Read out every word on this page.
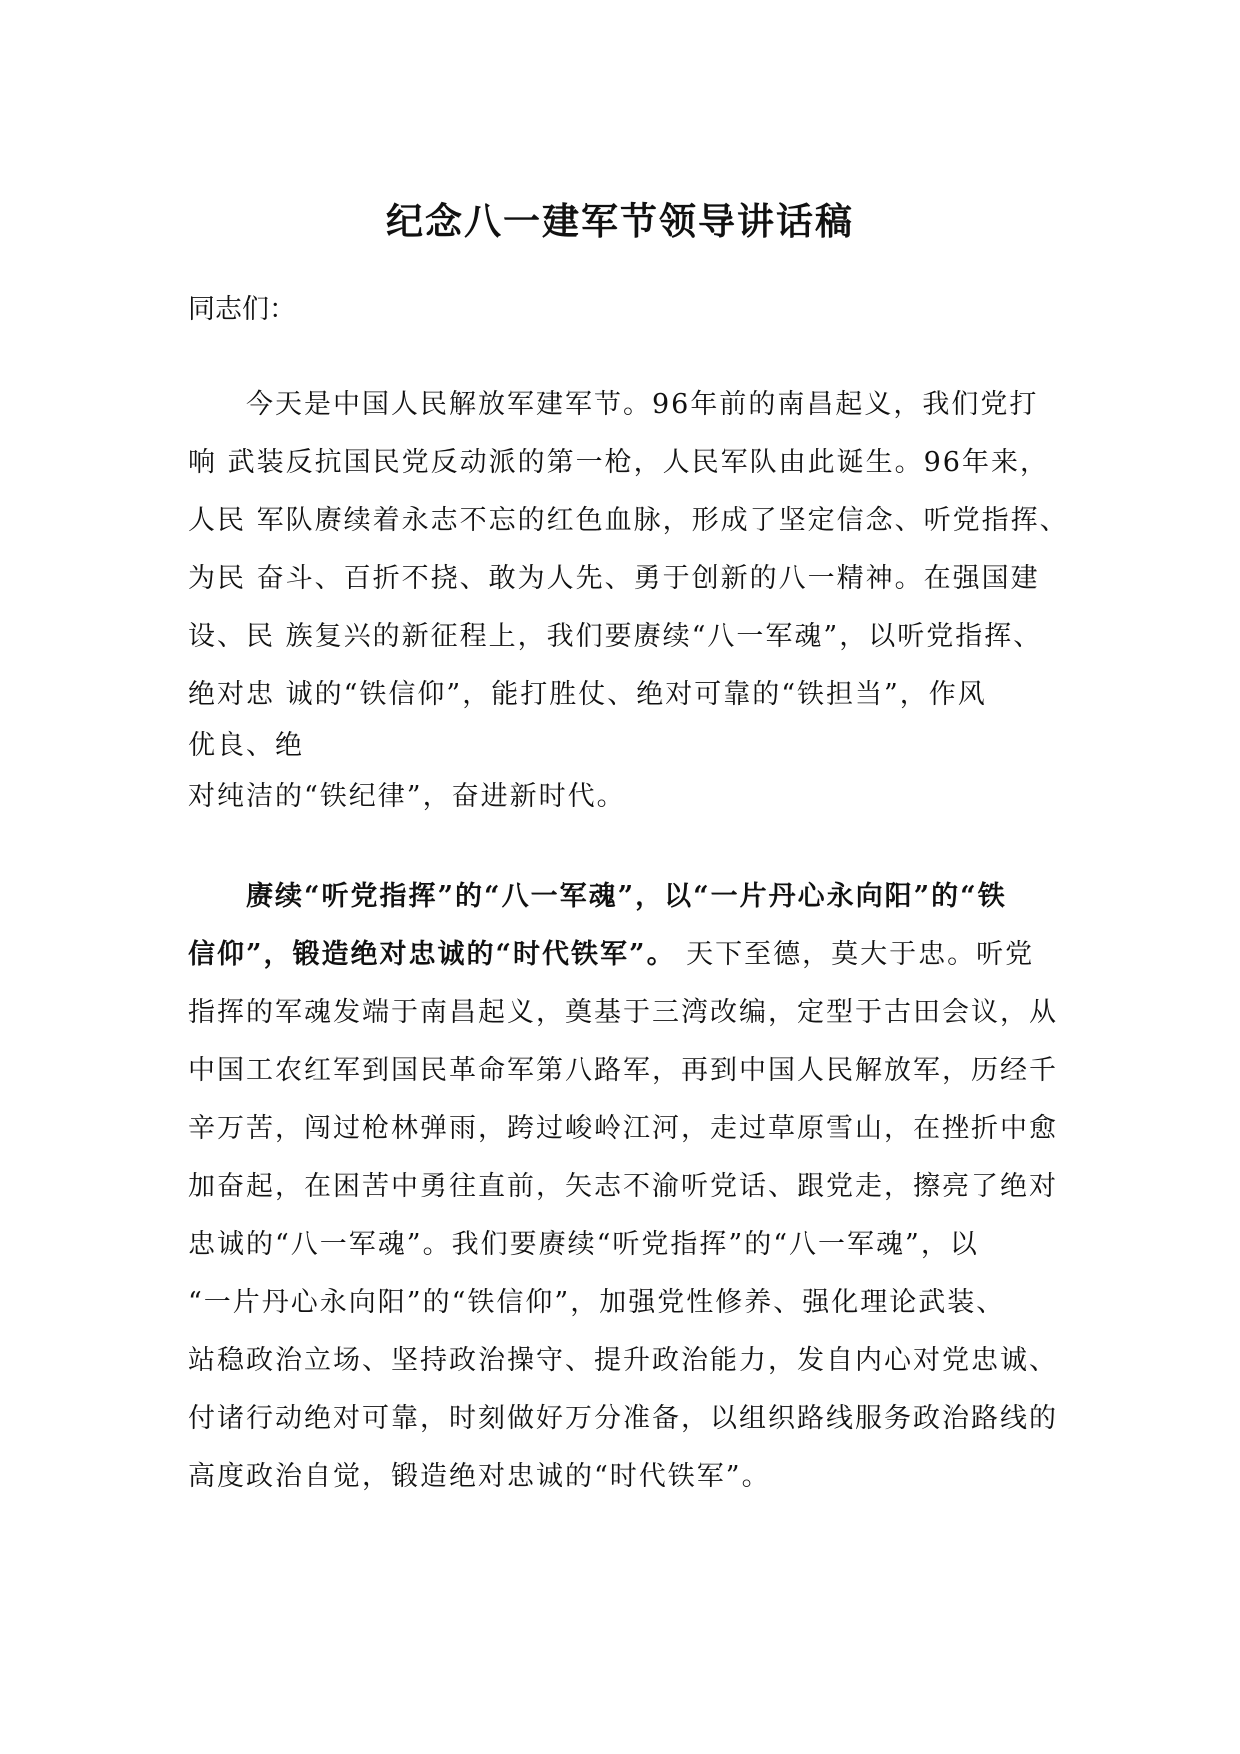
纪念八一建军节领导讲话稿

同志们：

　　今天是中国人民解放军建军节。96年前的南昌起义，我们党打
响 武装反抗国民党反动派的第一枪，人民军队由此诞生。96年来，
人民 军队赓续着永志不忘的红色血脉，形成了坚定信念、听党指挥、
为民 奋斗、百折不挠、敢为人先、勇于创新的八一精神。在强国建
设、民 族复兴的新征程上，我们要赓续“八一军魂”，以听党指挥、
绝对忠 诚的“铁信仰”，能打胜仗、绝对可靠的“铁担当”，作风
优良、绝
对纯洁的“铁纪律”，奋进新时代。
　　赓续“听党指挥”的“八一军魂”，以“一片丹心永向阳”的“铁
信仰”，锻造绝对忠诚的“时代铁军”。 天下至德，莫大于忠。听党
指挥的军魂发端于南昌起义，奠基于三湾改编，定型于古田会议，从
中国工农红军到国民革命军第八路军，再到中国人民解放军，历经千
辛万苦，闯过枪林弹雨，跨过峻岭江河，走过草原雪山，在挫折中愈
加奋起，在困苦中勇往直前，矢志不渝听党话、跟党走，擦亮了绝对
忠诚的“八一军魂”。我们要赓续“听党指挥”的“八一军魂”，以
“一片丹心永向阳”的“铁信仰”，加强党性修养、强化理论武装、
站稳政治立场、坚持政治操守、提升政治能力，发自内心对党忠诚、
付诸行动绝对可靠，时刻做好万分准备，以组织路线服务政治路线的
高度政治自觉，锻造绝对忠诚的“时代铁军”。
